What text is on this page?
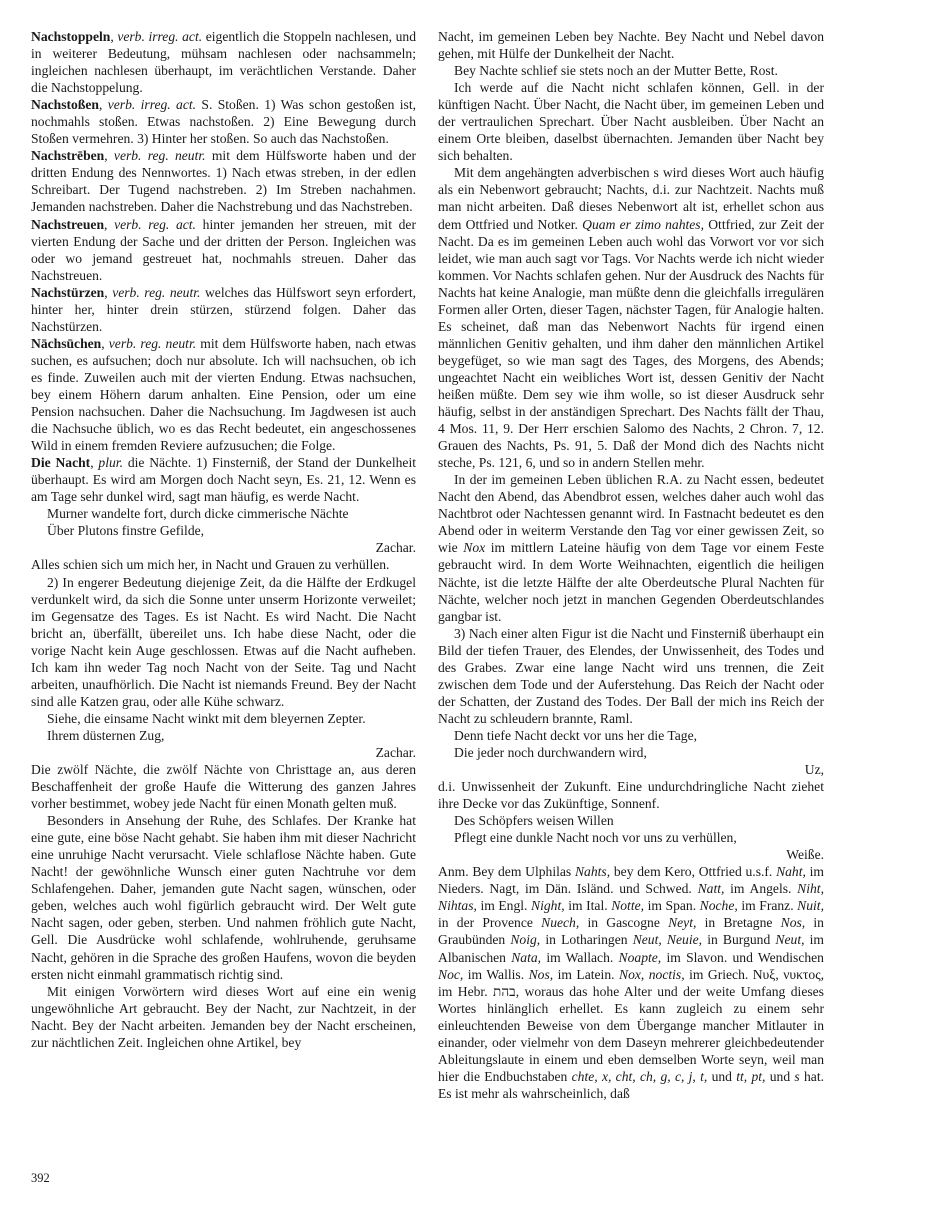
Nachstoppeln, verb. irreg. act. eigentlich die Stoppeln nachlesen, und in weiterer Bedeutung, mühsam nachlesen oder nachsammeln; ingleichen nachlesen überhaupt, im verächtlichen Verstande. Daher die Nachstoppelung.

Nachstoßen, verb. irreg. act. S. Stoßen. 1) Was schon gestoßen ist, nochmahls stoßen. Etwas nachstoßen. 2) Eine Bewegung durch Stoßen vermehren. 3) Hinter her stoßen. So auch das Nachstoßen.

Nachstrēben, verb. reg. neutr. mit dem Hülfsworte haben und der dritten Endung des Nennwortes. 1) Nach etwas streben, in der edlen Schreibart. Der Tugend nachstreben. 2) Im Streben nachahmen. Jemanden nachstreben. Daher die Nachstrebung und das Nachstreben.

Nachstreuen, verb. reg. act. hinter jemanden her streuen, mit der vierten Endung der Sache und der dritten der Person. Ingleichen was oder wo jemand gestreuet hat, nochmahls streuen. Daher das Nachstreuen.

Nachstürzen, verb. reg. neutr. welches das Hülfswort seyn erfordert, hinter her, hinter drein stürzen, stürzend folgen. Daher das Nachstürzen.

Nāchsūchen, verb. reg. neutr. mit dem Hülfsworte haben, nach etwas suchen, es aufsuchen; doch nur absolute. Ich will nachsuchen, ob ich es finde. Zuweilen auch mit der vierten Endung. Etwas nachsuchen, bey einem Höhern darum anhalten. Eine Pension, oder um eine Pension nachsuchen. Daher die Nachsuchung. Im Jagdwesen ist auch die Nachsuche üblich, wo es das Recht bedeutet, ein angeschossenes Wild in einem fremden Reviere aufzusuchen; die Folge.

Die Nacht, plur. die Nächte. 1) Finsterniß, der Stand der Dunkelheit überhaupt. Es wird am Morgen doch Nacht seyn, Es. 21, 12. Wenn es am Tage sehr dunkel wird, sagt man häufig, es werde Nacht.

Murner wandelte fort, durch dicke cimmerische Nächte

Über Plutons finstre Gefilde,

Zachar.

Alles schien sich um mich her, in Nacht und Grauen zu verhüllen.

2) In engerer Bedeutung diejenige Zeit, da die Hälfte der Erdkugel verdunkelt wird, da sich die Sonne unter unserm Horizonte verweilet; im Gegensatze des Tages. Es ist Nacht. Es wird Nacht. Die Nacht bricht an, überfällt, übereilet uns. Ich habe diese Nacht, oder die vorige Nacht kein Auge geschlossen. Etwas auf die Nacht aufheben. Ich kam ihn weder Tag noch Nacht von der Seite. Tag und Nacht arbeiten, unaufhörlich. Die Nacht ist niemands Freund. Bey der Nacht sind alle Katzen grau, oder alle Kühe schwarz.

Siehe, die einsame Nacht winkt mit dem bleyernen Zepter.

Ihrem düsternen Zug,

Zachar.

Die zwölf Nächte, die zwölf Nächte von Christtage an, aus deren Beschaffenheit der große Haufe die Witterung des ganzen Jahres vorher bestimmet, wobey jede Nacht für einen Monath gelten muß.

Besonders in Ansehung der Ruhe, des Schlafes. Der Kranke hat eine gute, eine böse Nacht gehabt. Sie haben ihm mit dieser Nachricht eine unruhige Nacht verursacht. Viele schlaflose Nächte haben. Gute Nacht! der gewöhnliche Wunsch einer guten Nachtruhe vor dem Schlafengehen. Daher, jemanden gute Nacht sagen, wünschen, oder geben, welches auch wohl figürlich gebraucht wird. Der Welt gute Nacht sagen, oder geben, sterben. Und nahmen fröhlich gute Nacht, Gell. Die Ausdrücke wohl schlafende, wohlruhende, geruhsame Nacht, gehören in die Sprache des großen Haufens, wovon die beyden ersten nicht einmahl grammatisch richtig sind.

Mit einigen Vorwörtern wird dieses Wort auf eine ein wenig ungewöhnliche Art gebraucht. Bey der Nacht, zur Nachtzeit, in der Nacht. Bey der Nacht arbeiten. Jemanden bey der Nacht erscheinen, zur nächtlichen Zeit. Ingleichen ohne Artikel, bey

Nacht, im gemeinen Leben bey Nachte. Bey Nacht und Nebel davon gehen, mit Hülfe der Dunkelheit der Nacht.

Bey Nachte schlief sie stets noch an der Mutter Bette, Rost.

Ich werde auf die Nacht nicht schlafen können, Gell. in der künftigen Nacht. Über Nacht, die Nacht über, im gemeinen Leben und der vertraulichen Sprechart. Über Nacht ausbleiben. Über Nacht an einem Orte bleiben, daselbst übernachten. Jemanden über Nacht bey sich behalten.

Mit dem angehängten adverbischen s wird dieses Wort auch häufig als ein Nebenwort gebraucht; Nachts, d.i. zur Nachtzeit. Nachts muß man nicht arbeiten. Daß dieses Nebenwort alt ist, erhellet schon aus dem Ottfried und Notker. Quam er zimo nahtes, Ottfried, zur Zeit der Nacht. Da es im gemeinen Leben auch wohl das Vorwort vor vor sich leidet, wie man auch sagt vor Tags. Vor Nachts werde ich nicht wieder kommen. Vor Nachts schlafen gehen. Nur der Ausdruck des Nachts für Nachts hat keine Analogie, man müßte denn die gleichfalls irregulären Formen aller Orten, dieser Tagen, nächster Tagen, für Analogie halten. Es scheinet, daß man das Nebenwort Nachts für irgend einen männlichen Genitiv gehalten, und ihm daher den männlichen Artikel beygefüget, so wie man sagt des Tages, des Morgens, des Abends; ungeachtet Nacht ein weibliches Wort ist, dessen Genitiv der Nacht heißen müßte. Dem sey wie ihm wolle, so ist dieser Ausdruck sehr häufig, selbst in der anständigen Sprechart. Des Nachts fällt der Thau, 4 Mos. 11, 9. Der Herr erschien Salomo des Nachts, 2 Chron. 7, 12. Grauen des Nachts, Ps. 91, 5. Daß der Mond dich des Nachts nicht steche, Ps. 121, 6, und so in andern Stellen mehr.

In der im gemeinen Leben üblichen R.A. zu Nacht essen, bedeutet Nacht den Abend, das Abendbrot essen, welches daher auch wohl das Nachtbrot oder Nachtessen genannt wird. In Fastnacht bedeutet es den Abend oder in weiterm Verstande den Tag vor einer gewissen Zeit, so wie Nox im mittlern Lateine häufig von dem Tage vor einem Feste gebraucht wird. In dem Worte Weihnachten, eigentlich die heiligen Nächte, ist die letzte Hälfte der alte Oberdeutsche Plural Nachten für Nächte, welcher noch jetzt in manchen Gegenden Oberdeutschlandes gangbar ist.

3) Nach einer alten Figur ist die Nacht und Finsterniß überhaupt ein Bild der tiefen Trauer, des Elendes, der Unwissenheit, des Todes und des Grabes. Zwar eine lange Nacht wird uns trennen, die Zeit zwischen dem Tode und der Auferstehung. Das Reich der Nacht oder der Schatten, der Zustand des Todes. Der Ball der mich ins Reich der Nacht zu schleudern brannte, Raml.

Denn tiefe Nacht deckt vor uns her die Tage,

Die jeder noch durchwandern wird,

Uz,

d.i. Unwissenheit der Zukunft. Eine undurchdringliche Nacht ziehet ihre Decke vor das Zukünftige, Sonnenf.

Des Schöpfers weisen Willen

Pflegt eine dunkle Nacht noch vor uns zu verhüllen,

Weiße.

Anm. Bey dem Ulphilas Nahts, bey dem Kero, Ottfried u.s.f. Naht, im Nieders. Nagt, im Dän. Isländ. und Schwed. Natt, im Angels. Niht, Nihtas, im Engl. Night, im Ital. Notte, im Span. Noche, im Franz. Nuit, in der Provence Nuech, in Gascogne Neyt, in Bretagne Nos, in Graubünden Noig, in Lotharingen Neut, Neuie, in Burgund Neut, im Albanischen Nata, im Wallach. Noapte, im Slavon. und Wendischen Noc, im Wallis. Nos, im Latein. Nox, noctis, im Griech. Νυξ, νυκτος, im Hebr. בהת, woraus das hohe Alter und der weite Umfang dieses Wortes hinlänglich erhellet. Es kann zugleich zu einem sehr einleuchtenden Beweise von dem Übergange mancher Mitlauter in einander, oder vielmehr von dem Daseyn mehrerer gleichbedeutender Ableitungslaute in einem und eben demselben Worte seyn, weil man hier die Endbuchstaben chte, x, cht, ch, g, c, j, t, und tt, pt, und s hat. Es ist mehr als wahrscheinlich, daß

392
